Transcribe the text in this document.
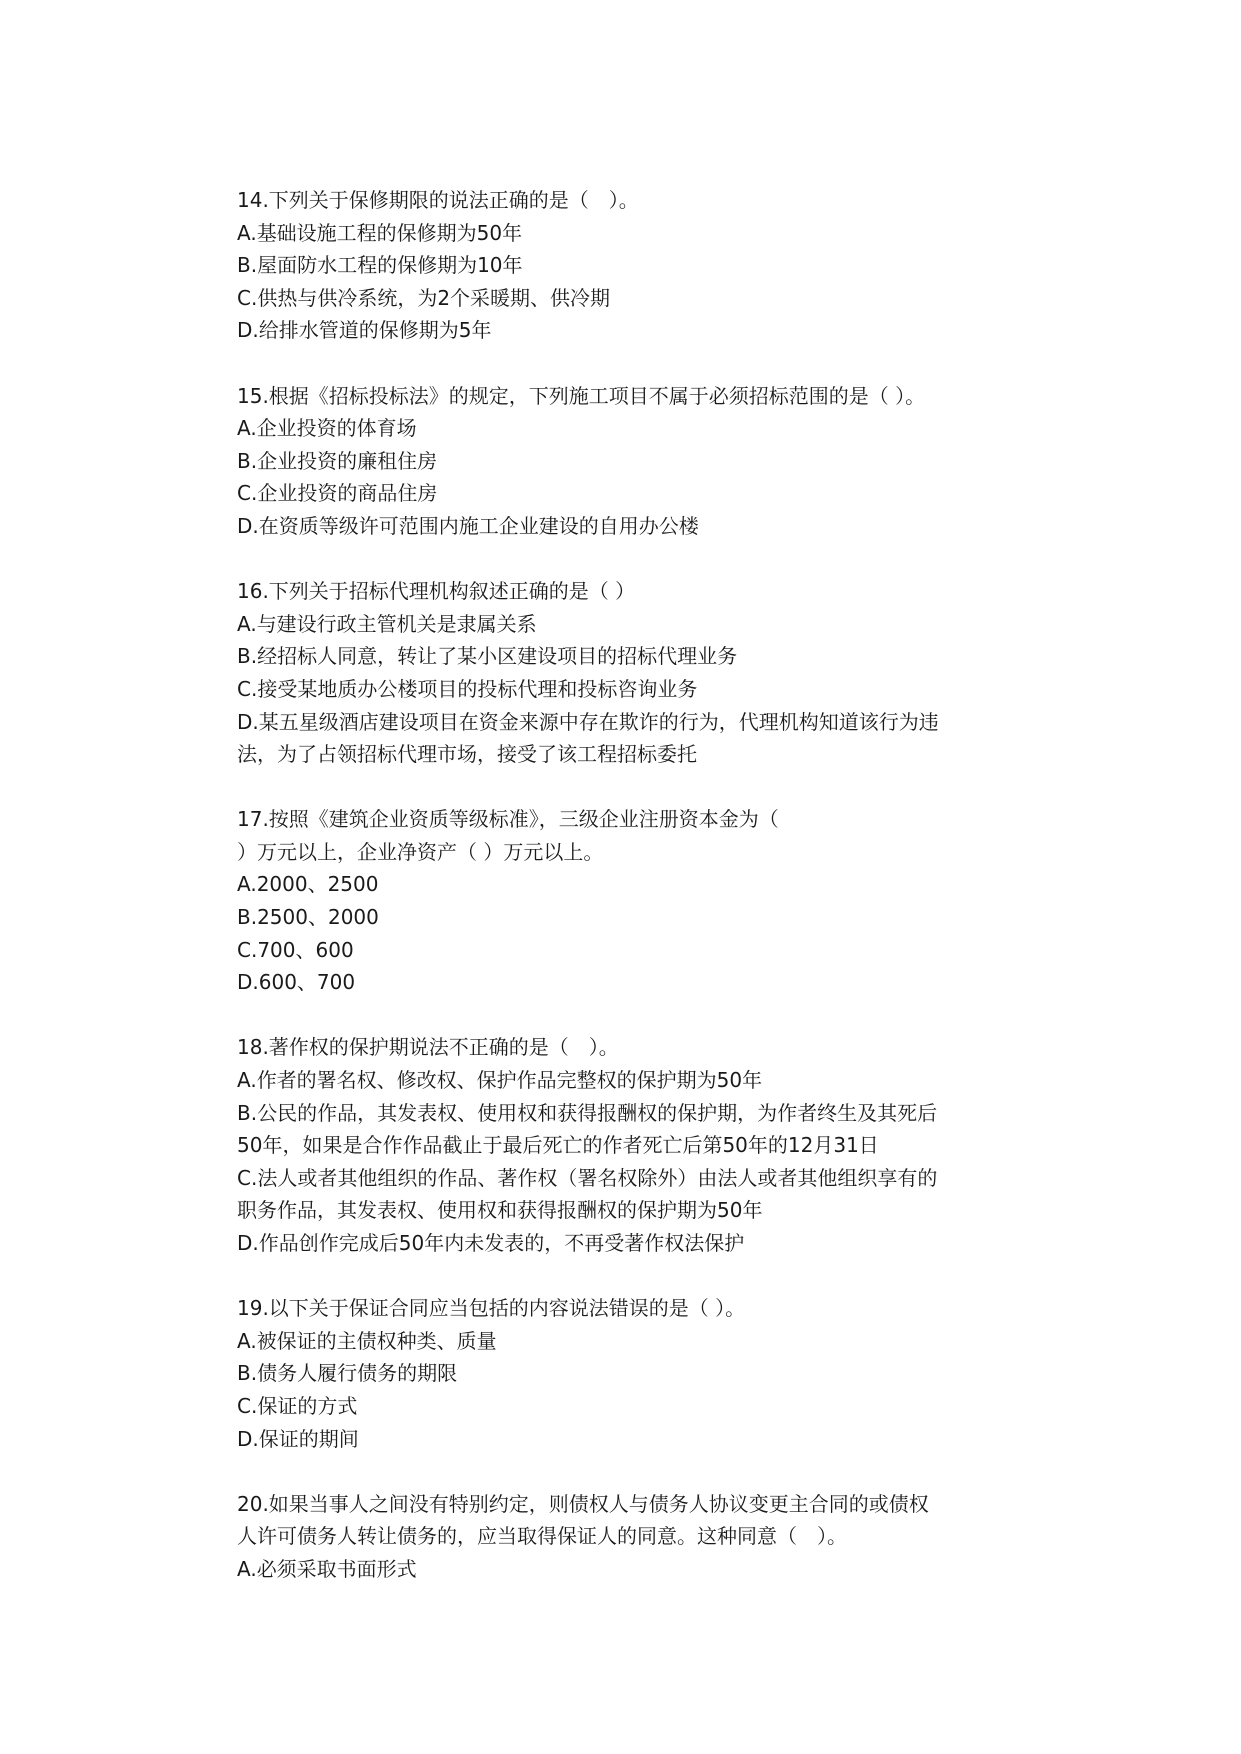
14.下列关于保修期限的说法正确的是（　）。
A.基础设施工程的保修期为50年
B.屋面防水工程的保修期为10年
C.供热与供冷系统，为2个采暖期、供冷期
D.给排水管道的保修期为5年
15.根据《招标投标法》的规定，下列施工项目不属于必须招标范围的是（ ）。
A.企业投资的体育场
B.企业投资的廉租住房
C.企业投资的商品住房
D.在资质等级许可范围内施工企业建设的自用办公楼
16.下列关于招标代理机构叙述正确的是（ ）
A.与建设行政主管机关是隶属关系
B.经招标人同意，转让了某小区建设项目的招标代理业务
C.接受某地质办公楼项目的投标代理和投标咨询业务
D.某五星级酒店建设项目在资金来源中存在欺诈的行为，代理机构知道该行为违
法，为了占领招标代理市场，接受了该工程招标委托
17.按照《建筑企业资质等级标准》，三级企业注册资本金为（
）万元以上，企业净资产（ ）万元以上。
A.2000、2500
B.2500、2000
C.700、600
D.600、700
18.著作权的保护期说法不正确的是（　）。
A.作者的署名权、修改权、保护作品完整权的保护期为50年
B.公民的作品，其发表权、使用权和获得报酬权的保护期，为作者终生及其死后
50年，如果是合作作品截止于最后死亡的作者死亡后第50年的12月31日
C.法人或者其他组织的作品、著作权（署名权除外）由法人或者其他组织享有的
职务作品，其发表权、使用权和获得报酬权的保护期为50年
D.作品创作完成后50年内未发表的，不再受著作权法保护
19.以下关于保证合同应当包括的内容说法错误的是（ ）。
A.被保证的主债权种类、质量
B.债务人履行债务的期限
C.保证的方式
D.保证的期间
20.如果当事人之间没有特别约定，则债权人与债务人协议变更主合同的或债权
人许可债务人转让债务的，应当取得保证人的同意。这种同意（　）。
A.必须采取书面形式
